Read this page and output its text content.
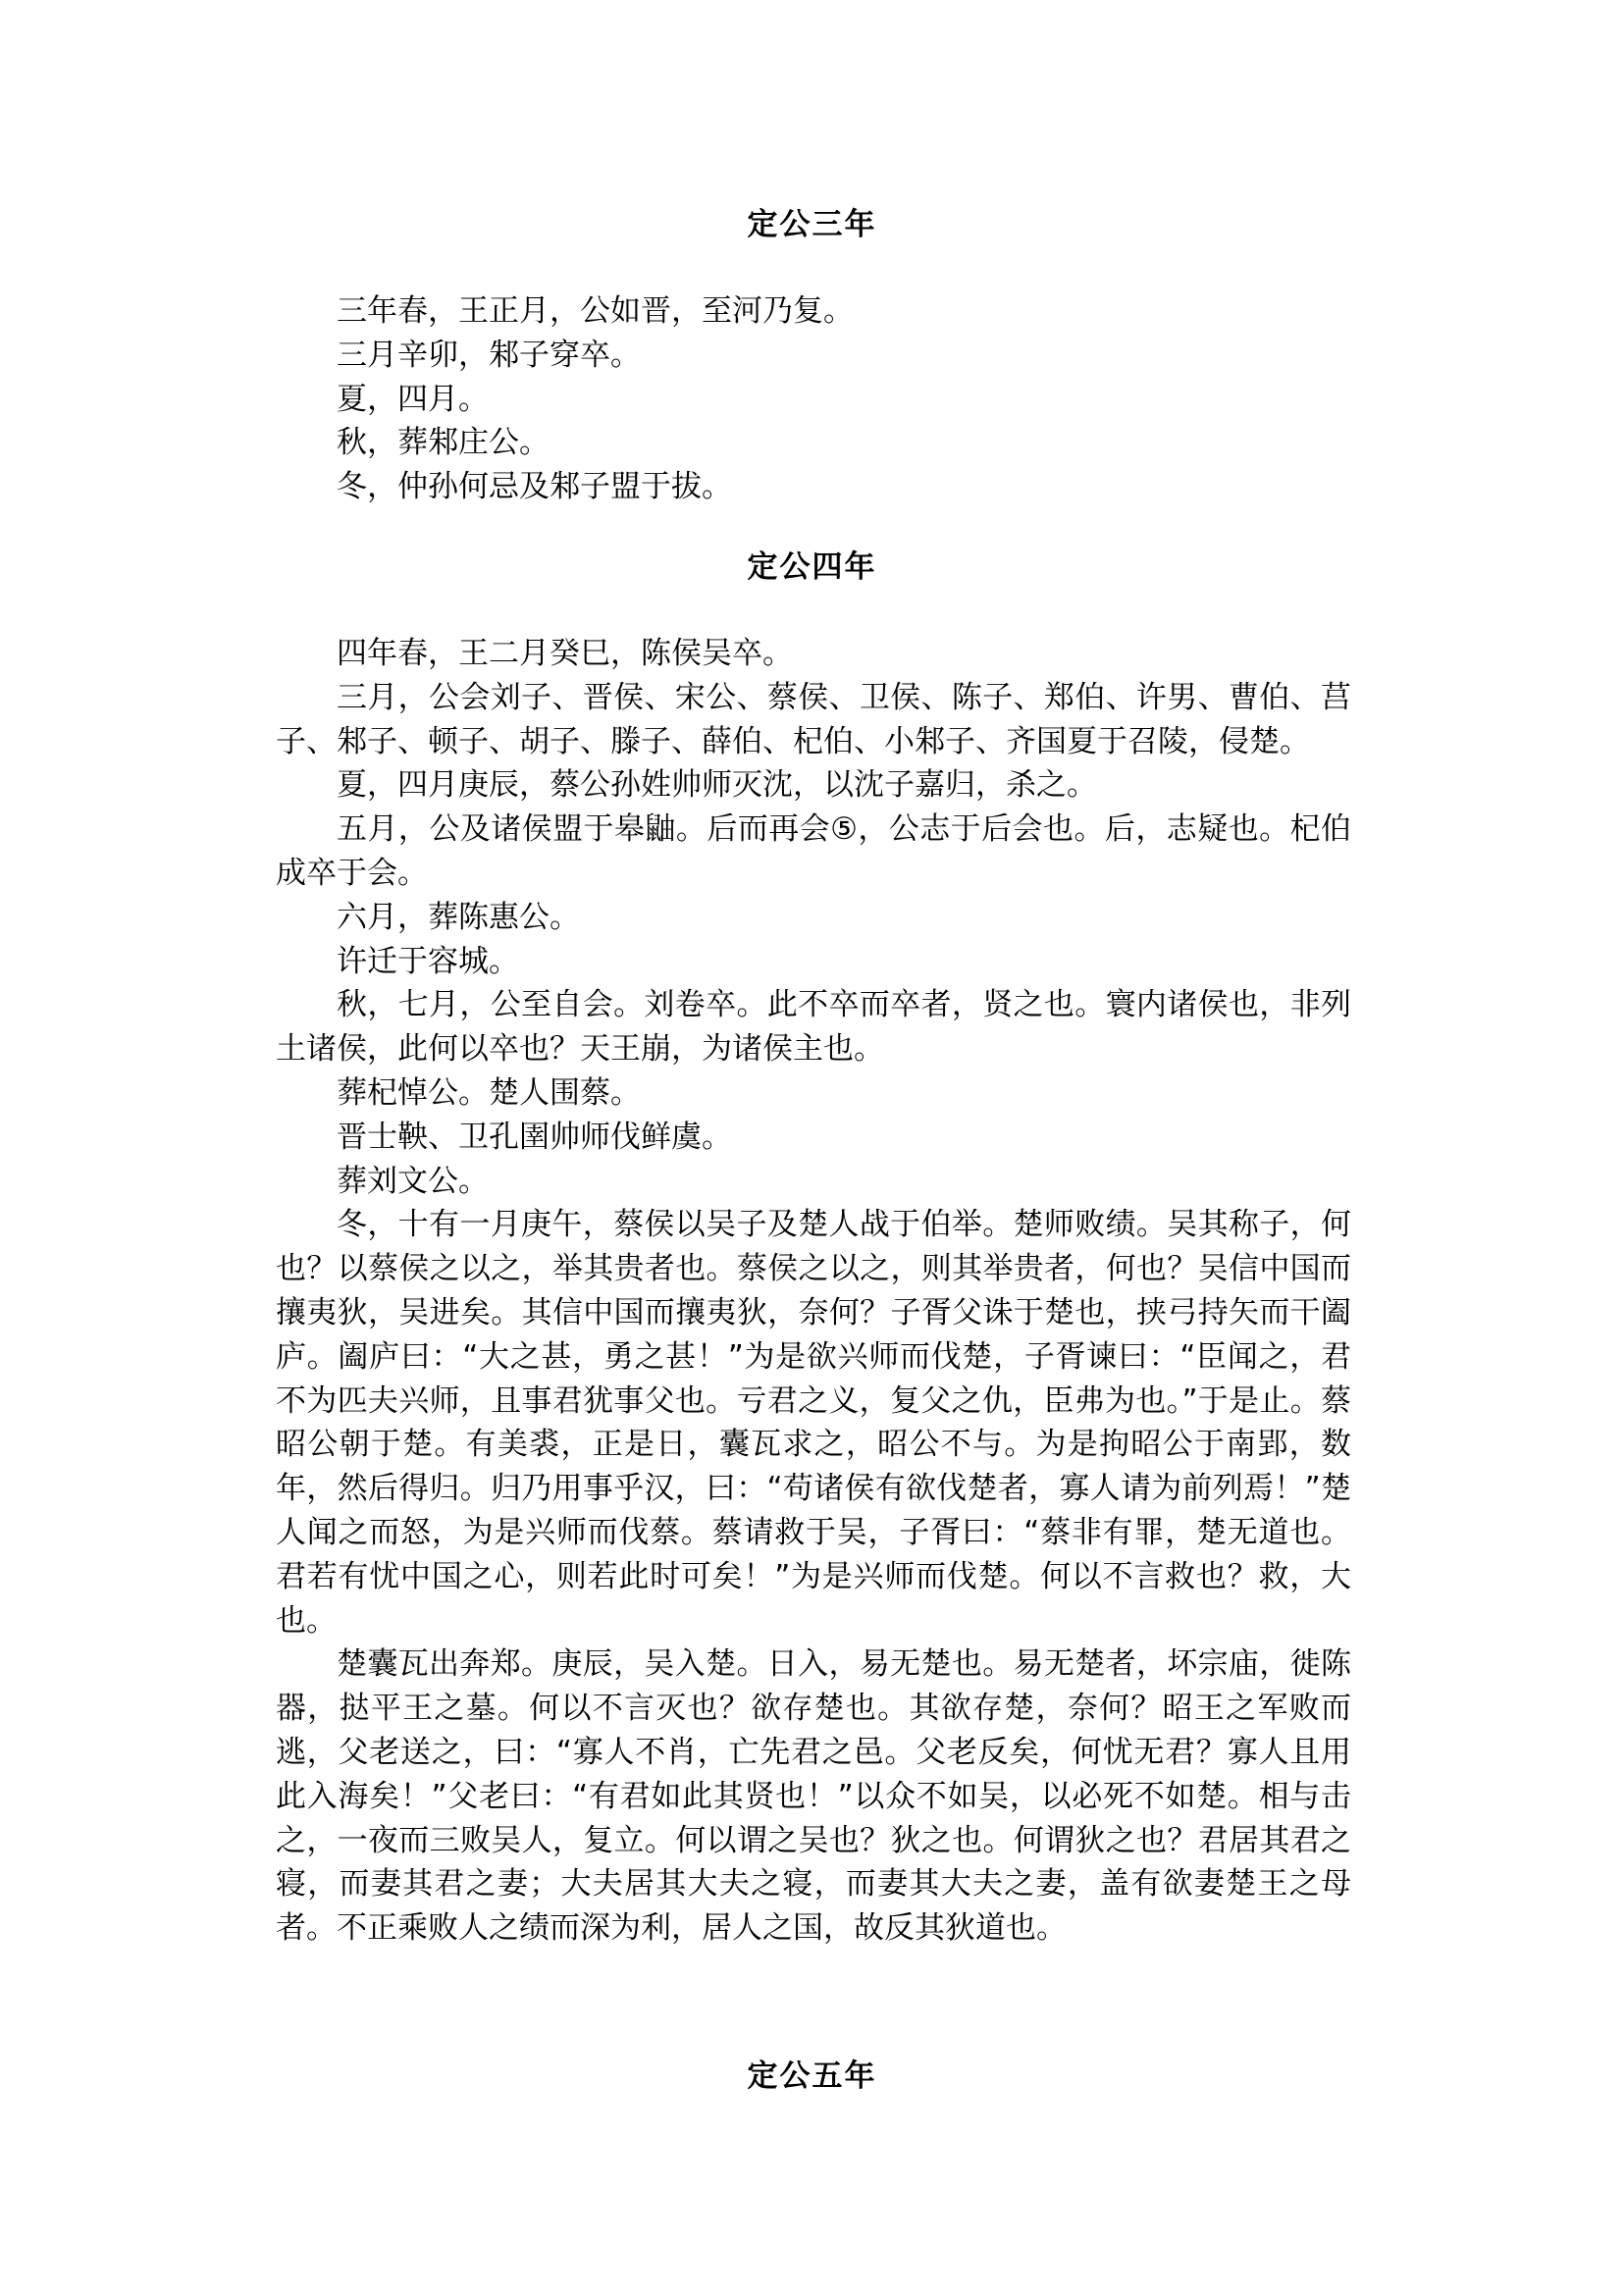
定公三年

三年春，王正月，公如晋，至河乃复。

三月辛卯，邾子穿卒。

夏，四月。

秋，葬邾庄公。

冬，仲孙何忌及邾子盟于拔。

定公四年

四年春，王二月癸巳，陈侯吴卒。

三月，公会刘子、晋侯、宋公、蔡侯、卫侯、陈子、郑伯、许男、曹伯、莒子、邾子、顿子、胡子、滕子、薛伯、杞伯、小邾子、齐国夏于召陵，侵楚。

夏，四月庚辰，蔡公孙姓帅师灭沈，以沈子嘉归，杀之。

五月，公及诸侯盟于皋鼬。后而再会⑤，公志于后会也。后，志疑也。杞伯成卒于会。

六月，葬陈惠公。

许迁于容城。

秋，七月，公至自会。刘卷卒。此不卒而卒者，贤之也。寰内诸侯也，非列土诸侯，此何以卒也？天王崩，为诸侯主也。

葬杞悼公。楚人围蔡。

晋士鞅、卫孔圉帅师伐鲜虞。

葬刘文公。

冬，十有一月庚午，蔡侯以吴子及楚人战于伯举。楚师败绩。吴其称子，何也？以蔡侯之以之，举其贵者也。蔡侯之以之，则其举贵者，何也？吴信中国而攘夷狄，吴进矣。其信中国而攘夷狄，奈何？子胥父诛于楚也，挟弓持矢而干阖庐。阖庐曰：“大之甚，勇之甚！”为是欲兴师而伐楚，子胥谏曰：“臣闻之，君不为匹夫兴师，且事君犹事父也。亏君之义，复父之仇，臣弗为也。”于是止。蔡昭公朝于楚。有美裘，正是日，囊瓦求之，昭公不与。为是拘昭公于南郢，数年，然后得归。归乃用事乎汉，曰：“苟诸侯有欲伐楚者，寡人请为前列焉！”楚人闻之而怒，为是兴师而伐蔡。蔡请救于吴，子胥曰：“蔡非有罪，楚无道也。君若有忧中国之心，则若此时可矣！”为是兴师而伐楚。何以不言救也？救，大也。

楚囊瓦出奔郑。庚辰，吴入楚。日入，易无楚也。易无楚者，坏宗庙，徙陈器，挞平王之墓。何以不言灭也？欲存楚也。其欲存楚，奈何？昭王之军败而逃，父老送之，曰：“寡人不肖，亡先君之邑。父老反矣，何忧无君？寡人且用此入海矣！”父老曰：“有君如此其贤也！”以众不如吴，以必死不如楚。相与击之，一夜而三败吴人，复立。何以谓之吴也？狄之也。何谓狄之也？君居其君之寝，而妻其君之妻；大夫居其大夫之寝，而妻其大夫之妻，盖有欲妻楚王之母者。不正乘败人之绩而深为利，居人之国，故反其狄道也。

定公五年
